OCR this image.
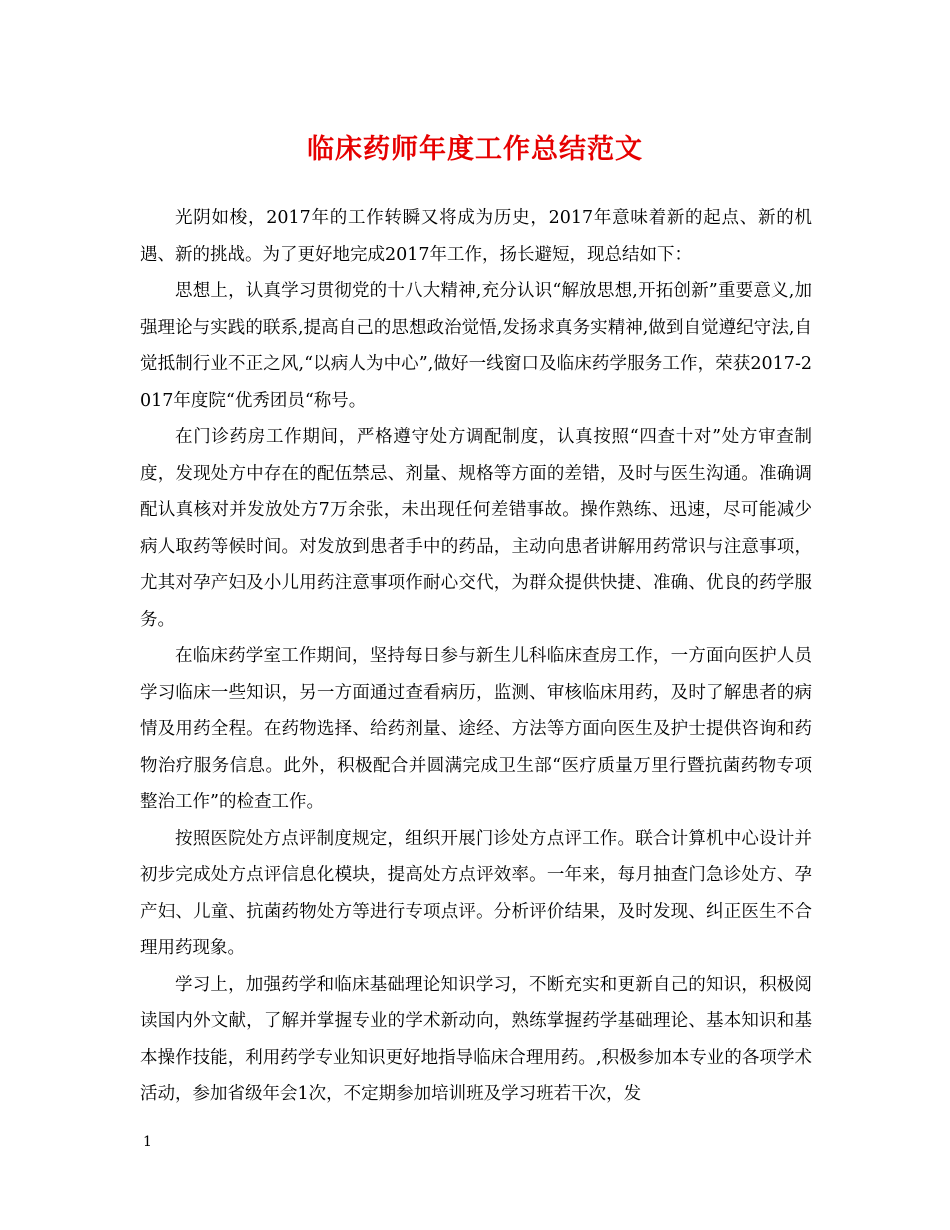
临床药师年度工作总结范文

光阴如梭，2017年的工作转瞬又将成为历史，2017年意味着新的起点、新的机遇、新的挑战。为了更好地完成2017年工作，扬长避短，现总结如下：

思想上，认真学习贯彻党的十八大精神,充分认识“解放思想,开拓创新”重要意义,加强理论与实践的联系,提高自己的思想政治觉悟,发扬求真务实精神,做到自觉遵纪守法,自觉抵制行业不正之风,“以病人为中心”,做好一线窗口及临床药学服务工作，荣获2017-2017年度院“优秀团员“称号。

在门诊药房工作期间，严格遵守处方调配制度，认真按照“四查十对”处方审查制度，发现处方中存在的配伍禁忌、剂量、规格等方面的差错，及时与医生沟通。准确调配认真核对并发放处方7万余张，未出现任何差错事故。操作熟练、迅速，尽可能减少病人取药等候时间。对发放到患者手中的药品，主动向患者讲解用药常识与注意事项，尤其对孕产妇及小儿用药注意事项作耐心交代，为群众提供快捷、准确、优良的药学服务。

在临床药学室工作期间，坚持每日参与新生儿科临床查房工作，一方面向医护人员学习临床一些知识，另一方面通过查看病历，监测、审核临床用药，及时了解患者的病情及用药全程。在药物选择、给药剂量、途经、方法等方面向医生及护士提供咨询和药物治疗服务信息。此外，积极配合并圆满完成卫生部“医疗质量万里行暨抗菌药物专项整治工作”的检查工作。

按照医院处方点评制度规定，组织开展门诊处方点评工作。联合计算机中心设计并初步完成处方点评信息化模块，提高处方点评效率。一年来，每月抽查门急诊处方、孕产妇、儿童、抗菌药物处方等进行专项点评。分析评价结果，及时发现、纠正医生不合理用药现象。

学习上，加强药学和临床基础理论知识学习，不断充实和更新自己的知识，积极阅读国内外文献，了解并掌握专业的学术新动向，熟练掌握药学基础理论、基本知识和基本操作技能，利用药学专业知识更好地指导临床合理用药。,积极参加本专业的各项学术活动，参加省级年会1次，不定期参加培训班及学习班若干次，发

1
